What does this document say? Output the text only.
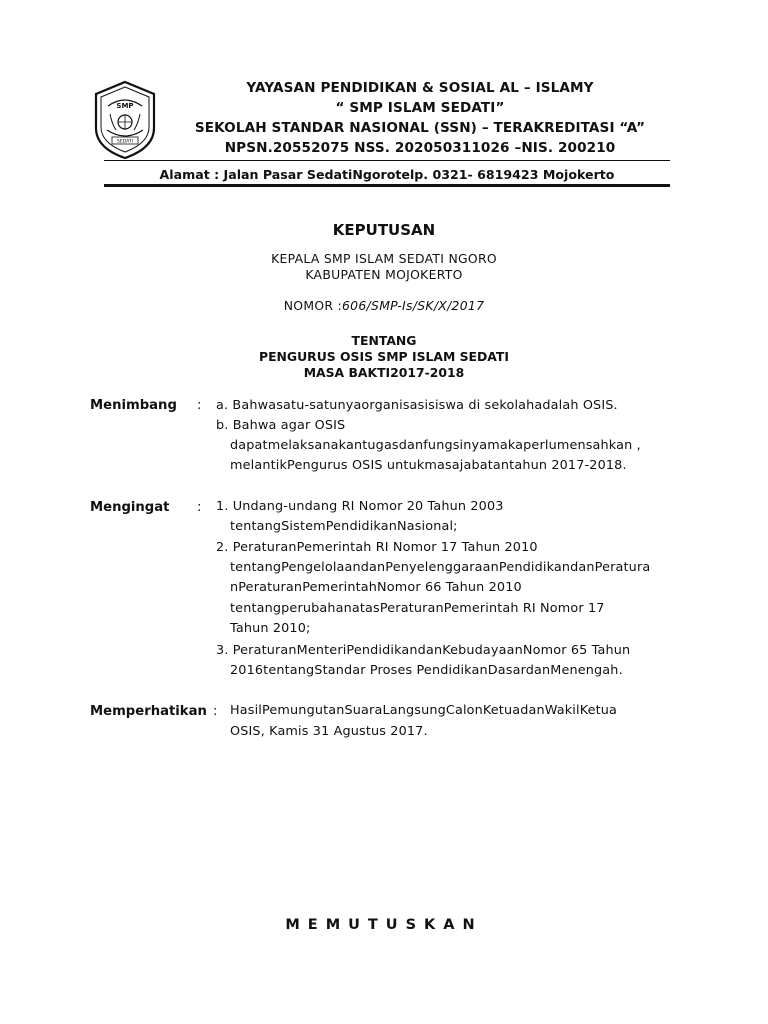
SMP
SEDATI
YAYASAN PENDIDIKAN & SOSIAL AL – ISLAMY
“ SMP ISLAM SEDATI”
SEKOLAH STANDAR NASIONAL (SSN) – TERAKREDITASI “A”
NPSN.20552075 NSS. 202050311026 –NIS. 200210
Alamat : Jalan Pasar SedatiNgorotelp. 0321- 6819423 Mojokerto
KEPUTUSAN
KEPALA SMP ISLAM SEDATI NGORO
KABUPATEN MOJOKERTO
NOMOR :606/SMP-Is/SK/X/2017
TENTANG
PENGURUS OSIS SMP ISLAM SEDATI
MASA BAKTI2017-2018
Menimbang : a. Bahwasatu-satunyaorganisasisiswa di sekolahadalah OSIS.
b. Bahwa agar OSIS
dapatmelaksanakantugasdanfungsinyamakaperlumensahkan ,
melantikPengurus OSIS untukmasajabatantahun 2017-2018.
Mengingat : 1. Undang-undang RI Nomor 20 Tahun 2003
tentangSistemPendidikanNasional;
2. PeraturanPemerintah RI Nomor 17 Tahun 2010
tentangPengelolaandanPenyelenggaraanPendidikandanPeratura
nPeraturanPemerintahNomor 66 Tahun 2010
tentangperubahanatasPeraturanPemerintah RI Nomor 17
Tahun 2010;
3. PeraturanMenteriPendidikandanKebudayaanNomor 65 Tahun
2016tentangStandar Proses PendidikanDasardanMenengah.
Memperhatikan : HasilPemungutanSuaraLangsungCalonKetuadanWakilKetua
OSIS, Kamis 31 Agustus 2017.
MEMUTUSKAN
